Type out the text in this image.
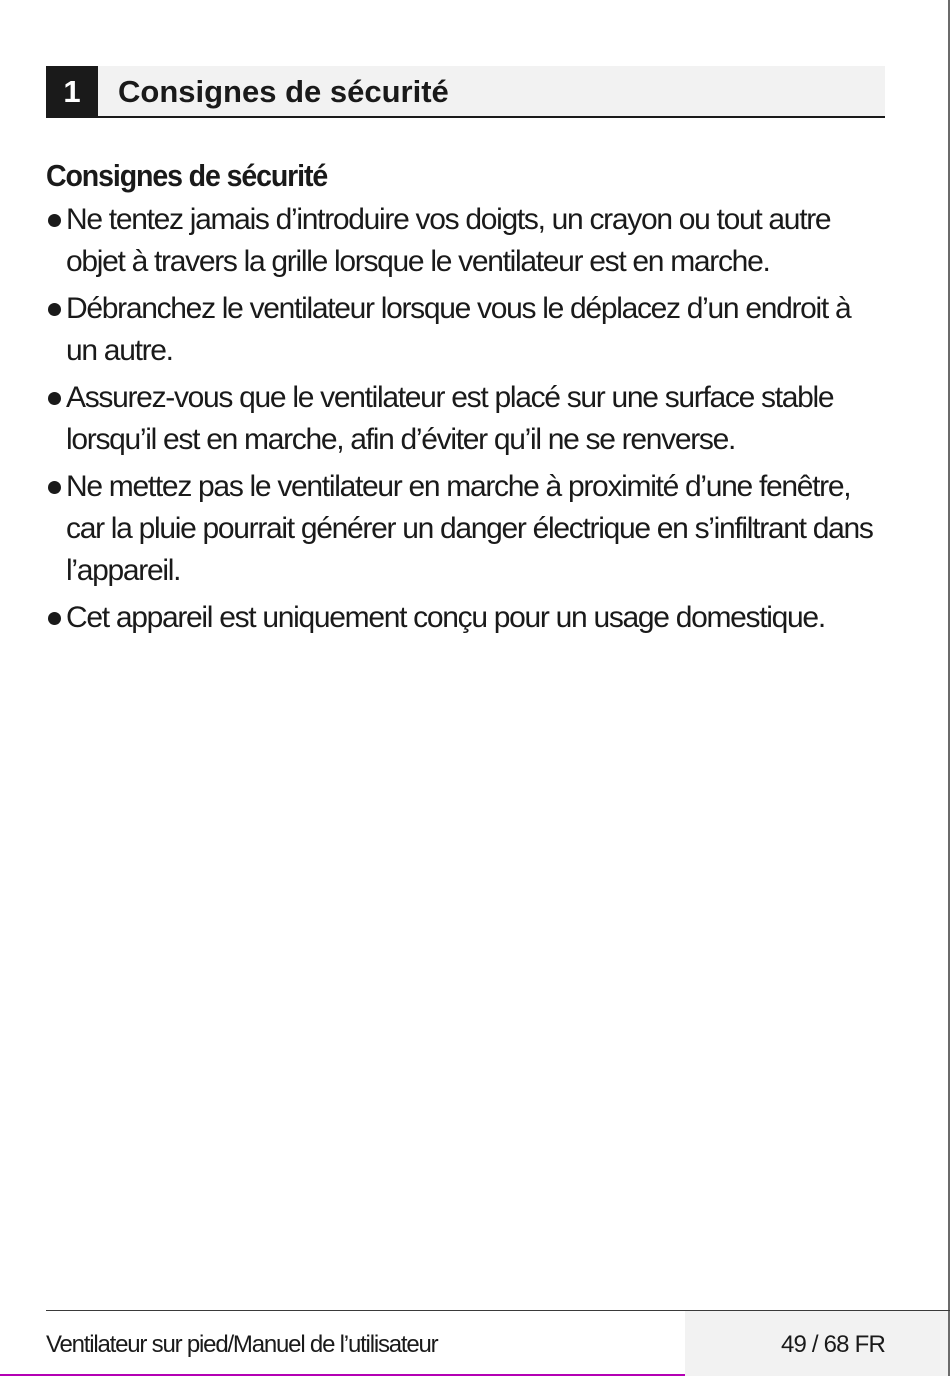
1	Consignes de sécurité
Consignes de sécurité
Ne tentez jamais d’introduire vos doigts, un crayon ou tout autre objet à travers la grille lorsque le ventilateur est en marche.
Débranchez le ventilateur lorsque vous le déplacez d’un endroit à un autre.
Assurez-vous que le ventilateur est placé sur une surface stable lorsqu’il est en marche, afin d’éviter qu’il ne se renverse.
Ne mettez pas le ventilateur en marche à proximité d’une fenêtre, car la pluie pourrait générer un danger électrique en s’infiltrant dans l’appareil.
Cet appareil est uniquement conçu pour un usage domestique.
Ventilateur sur pied/Manuel de l’utilisateur	49 / 68 FR
